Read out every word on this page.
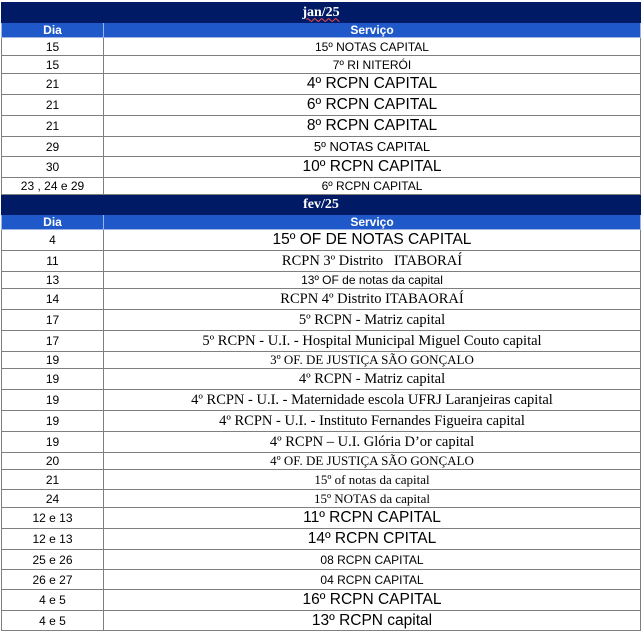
jan/25	
Dia	Serviço
15	15º NOTAS CAPITAL
15	7º RI NITERÓI
21	4º RCPN CAPITAL
21	6º RCPN CAPITAL
21	8º RCPN CAPITAL
29	5º NOTAS CAPITAL
30	10º RCPN CAPITAL
23 , 24 e 29	6º RCPN CAPITAL
fev/25	
Dia	Serviço
4	15º OF DE NOTAS CAPITAL
11	RCPN 3º Distrito   ITABORAÍ
13	13º OF de notas da capital
14	RCPN 4º Distrito ITABAORAÍ
17	5º RCPN - Matriz capital
17	5º RCPN - U.I. - Hospital Municipal Miguel Couto capital
19	3º OF. DE JUSTIÇA SÃO GONÇALO
19	4º RCPN - Matriz capital
19	4º RCPN - U.I. - Maternidade escola UFRJ Laranjeiras capital
19	4º RCPN - U.I. - Instituto Fernandes Figueira capital
19	4º RCPN – U.I. Glória D’or capital
20	4º OF. DE JUSTIÇA SÃO GONÇALO
21	15º of notas da capital
24	15º NOTAS da capital
12 e 13	11º RCPN CAPITAL
12 e 13	14º RCPN CPITAL
25 e 26	08 RCPN CAPITAL
26 e 27	04 RCPN CAPITAL
4 e 5	16º RCPN CAPITAL
4 e 5	13º RCPN capital
